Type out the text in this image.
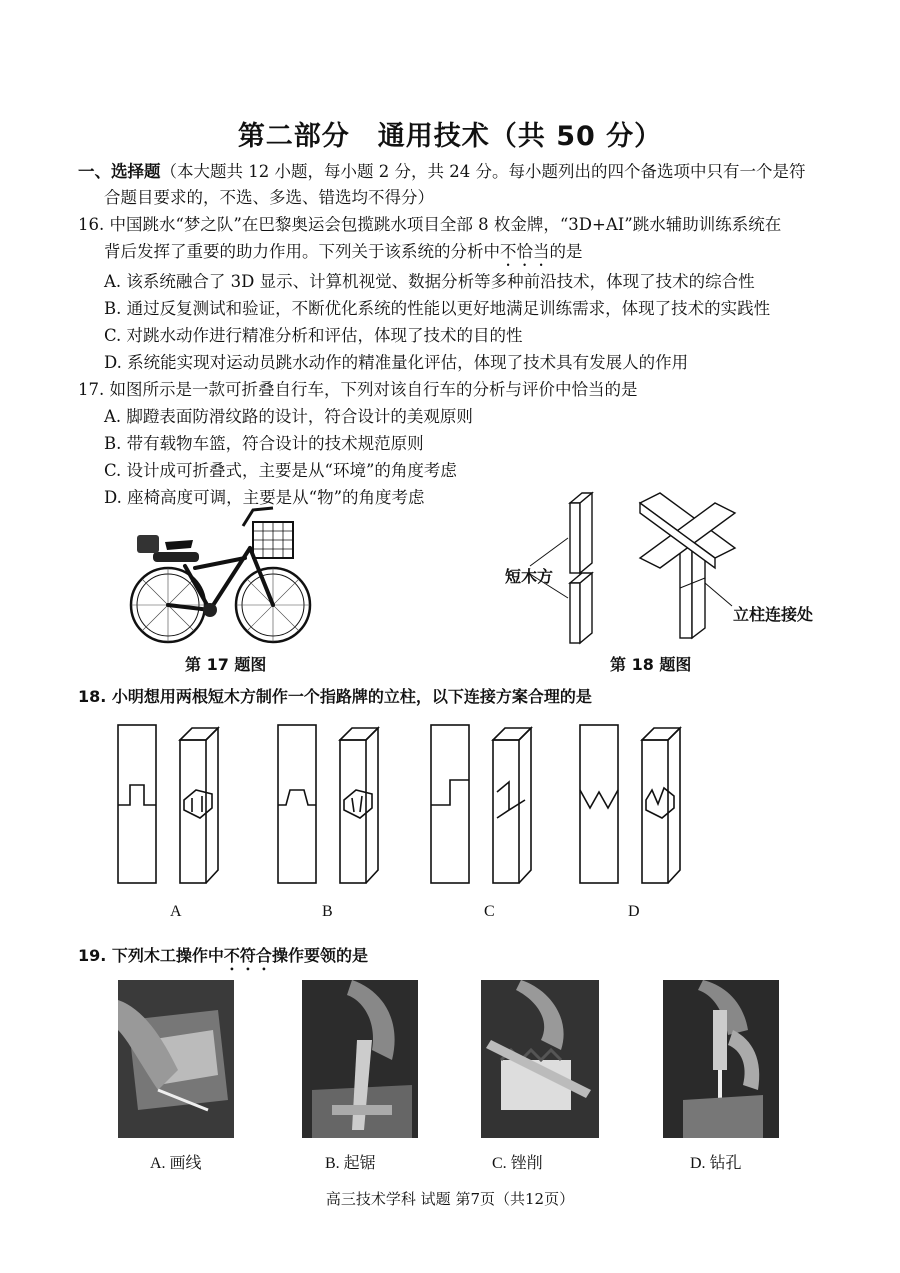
第二部分　通用技术（共 50 分）
一、选择题（本大题共 12 小题，每小题 2 分，共 24 分。每小题列出的四个备选项中只有一个是符
合题目要求的，不选、多选、错选均不得分）
16. 中国跳水“梦之队”在巴黎奥运会包揽跳水项目全部 8 枚金牌，“3D+AI”跳水辅助训练系统在
背后发挥了重要的助力作用。下列关于该系统的分析中不恰当的是
A. 该系统融合了 3D 显示、计算机视觉、数据分析等多种前沿技术，体现了技术的综合性
B. 通过反复测试和验证，不断优化系统的性能以更好地满足训练需求，体现了技术的实践性
C. 对跳水动作进行精准分析和评估，体现了技术的目的性
D. 系统能实现对运动员跳水动作的精准量化评估，体现了技术具有发展人的作用
17. 如图所示是一款可折叠自行车，下列对该自行车的分析与评价中恰当的是
A. 脚蹬表面防滑纹路的设计，符合设计的美观原则
B. 带有载物车篮，符合设计的技术规范原则
C. 设计成可折叠式，主要是从“环境”的角度考虑
D. 座椅高度可调，主要是从“物”的角度考虑
第 17 题图
短木方
立柱连接处
第 18 题图
18. 小明想用两根短木方制作一个指路牌的立柱，以下连接方案合理的是
A	B	C	D
19. 下列木工操作中不符合操作要领的是
A. 画线	B. 起锯	C. 锉削	D. 钻孔
高三技术学科 试题 第7页（共12页）
